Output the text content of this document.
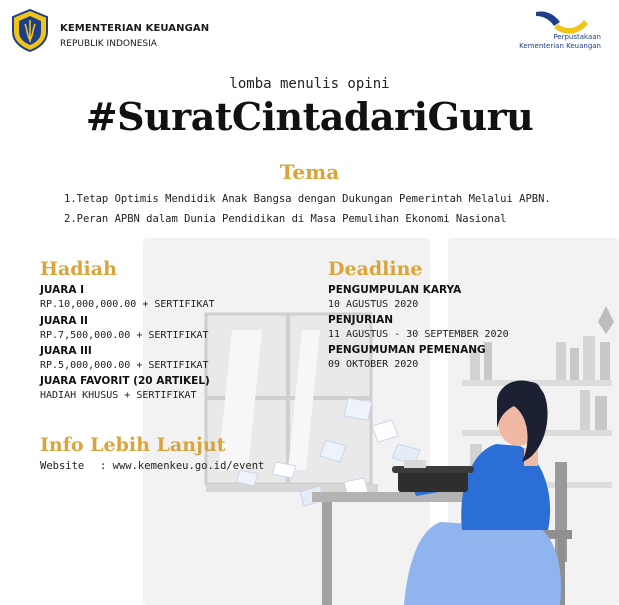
KEMENTERIAN KEUANGAN
REPUBLIK INDONESIA
Perpustakaan
Kementerian Keuangan
lomba menulis opini
#SuratCintadariGuru
Tema
1.Tetap Optimis Mendidik Anak Bangsa dengan Dukungan Pemerintah Melalui APBN.
2.Peran APBN dalam Dunia Pendidikan di Masa Pemulihan Ekonomi Nasional
Hadiah
JUARA I
RP.10,000,000.00 + SERTIFIKAT
JUARA II
RP.7,500,000.00 + SERTIFIKAT
JUARA III
RP.5,000,000.00 + SERTIFIKAT
JUARA FAVORIT (20 ARTIKEL)
HADIAH KHUSUS + SERTIFIKAT
Deadline
PENGUMPULAN KARYA
10 AGUSTUS 2020
PENJURIAN
11 AGUSTUS - 30 SEPTEMBER 2020
PENGUMUMAN PEMENANG
09 OKTOBER 2020
Info Lebih Lanjut
Website : www.kemenkeu.go.id/event
